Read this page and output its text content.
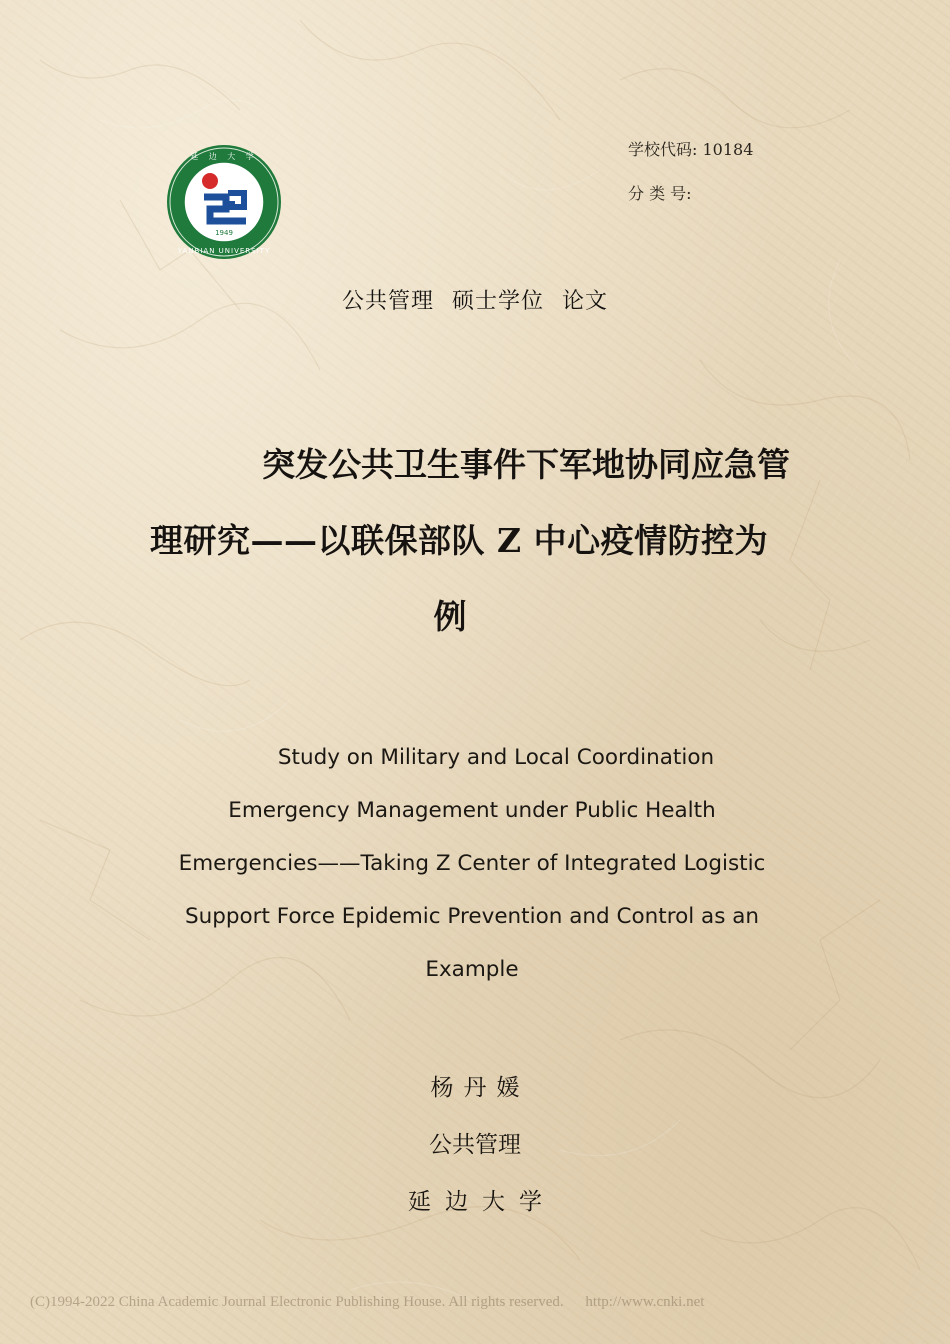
1949
延 边 大 学
YANBIAN UNIVERSITY
学校代码: 10184
分 类 号:
公共管理 硕士学位 论文
突发公共卫生事件下军地协同应急管
理研究——以联保部队 Z 中心疫情防控为
例
Study on Military and Local Coordination
Emergency Management under Public Health
Emergencies——Taking Z Center of Integrated Logistic
Support Force Epidemic Prevention and Control as an
Example
杨丹媛
公共管理
延边大学
(C)1994-2022 China Academic Journal Electronic Publishing House. All rights reserved. http://www.cnki.net
